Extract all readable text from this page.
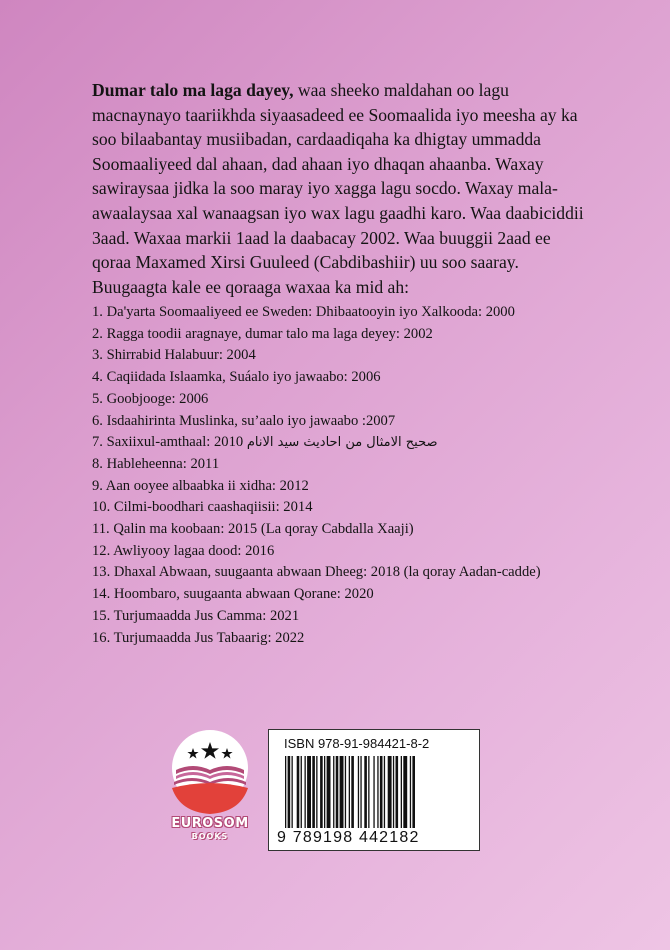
Dumar talo ma laga dayey, waa sheeko maldahan oo lagu macnaynayo taariikhda siyaasadeed ee Soomaalida iyo meesha ay ka soo bilaabantay musiibadan, cardaadiqaha ka dhigtay ummadda Soomaaliyeed dal ahaan, dad ahaan iyo dhaqan ahaanba. Waxay sawiraysaa jidka la soo maray iyo xagga lagu socdo. Waxay mala-awaalaysaa xal wanaagsan iyo wax lagu gaadhi karo. Waa daabiciddii 3aad. Waxaa markii 1aad la daabacay 2002. Waa buuggii 2aad ee qoraa Maxamed Xirsi Guuleed (Cabdibashiir) uu soo saaray. Buugaagta kale ee qoraaga waxaa ka mid ah:

1. Da'yarta Soomaaliyeed ee Sweden: Dhibaatooyin iyo Xalkooda: 2000
2. Ragga toodii aragnaye, dumar talo ma laga deyey: 2002
3. Shirrabid Halabuur: 2004
4. Caqiidada Islaamka, Suáalo iyo jawaabo: 2006
5. Goobjooge: 2006
6. Isdaahirinta Muslinka, su’aalo iyo jawaabo :2007
7. Saxiixul-amthaal: 2010 صحيح الامثال من احاديث سيد الانام
8. Hableheenna: 2011
9. Aan ooyee albaabka ii xidha: 2012
10. Cilmi-boodhari caashaqiisii: 2014
11. Qalin ma koobaan: 2015 (La qoray Cabdalla Xaaji)
12. Awliyooy lagaa dood: 2016
13. Dhaxal Abwaan, suugaanta abwaan Dheeg: 2018 (la qoray Aadan-cadde)
14. Hoombaro, suugaanta abwaan Qorane: 2020
15. Turjumaadda Jus Camma: 2021
16. Turjumaadda Jus Tabaarig: 2022
EUROSOM
BOOKS
ISBN 978-91-984421-8-2
9 789198 442182
